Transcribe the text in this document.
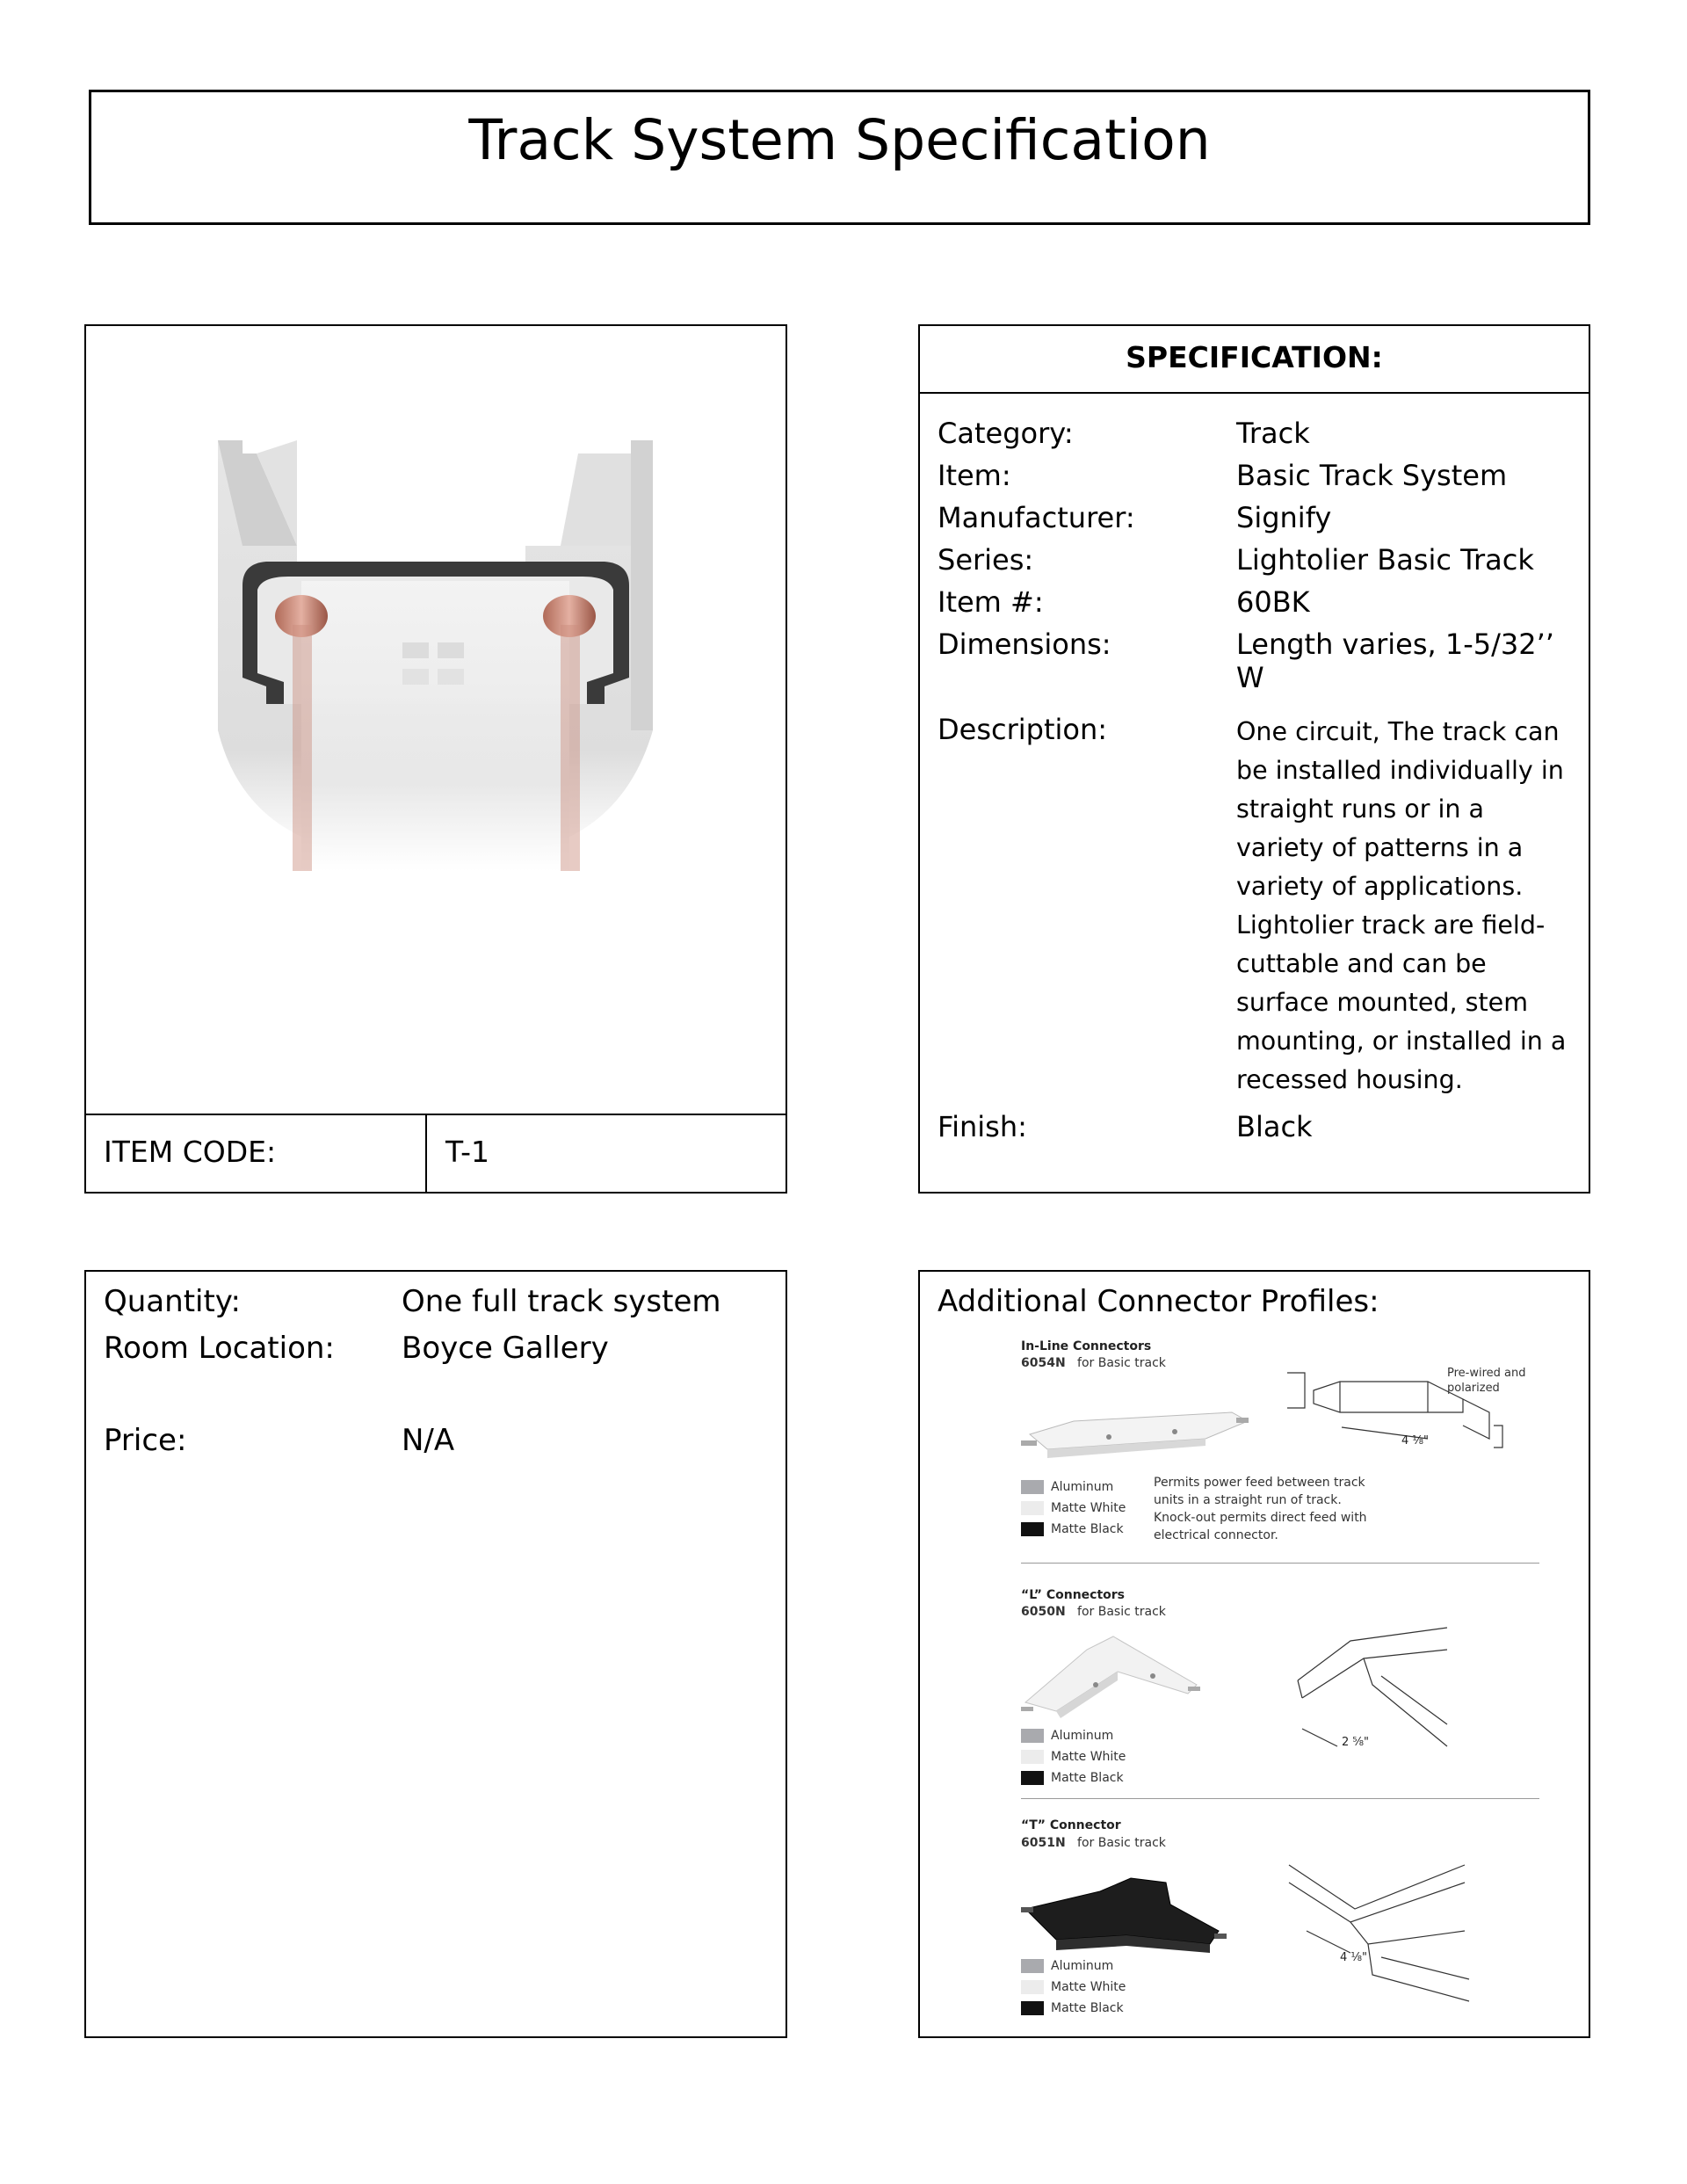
Track System Specification
ITEM CODE:	T-1
SPECIFICATION:
Category:	Track
Item:	Basic Track System
Manufacturer:	Signify
Series:	Lightolier Basic Track
Item #:	60BK
Dimensions:	Length varies, 1-5/32’’ W
Description:	One circuit, The track can be installed individually in straight runs or in a variety of patterns in a variety of applications. Lightolier track are field-cuttable and can be surface mounted, stem mounting, or installed in a recessed housing.
Finish:	Black
Quantity:	One full track system
Room Location: Boyce Gallery
Price:	N/A
Additional Connector Profiles:
In-Line Connectors
6054N for Basic track
4 ⅛"
Pre-wired and polarized
Aluminum
Matte White
Matte Black
Permits power feed between track units in a straight run of track. Knock-out permits direct feed with electrical connector.
“L” Connectors
6050N for Basic track
2 ⅝"
Aluminum
Matte White
Matte Black
“T” Connector
6051N for Basic track
4 ⅛"
Aluminum
Matte White
Matte Black
